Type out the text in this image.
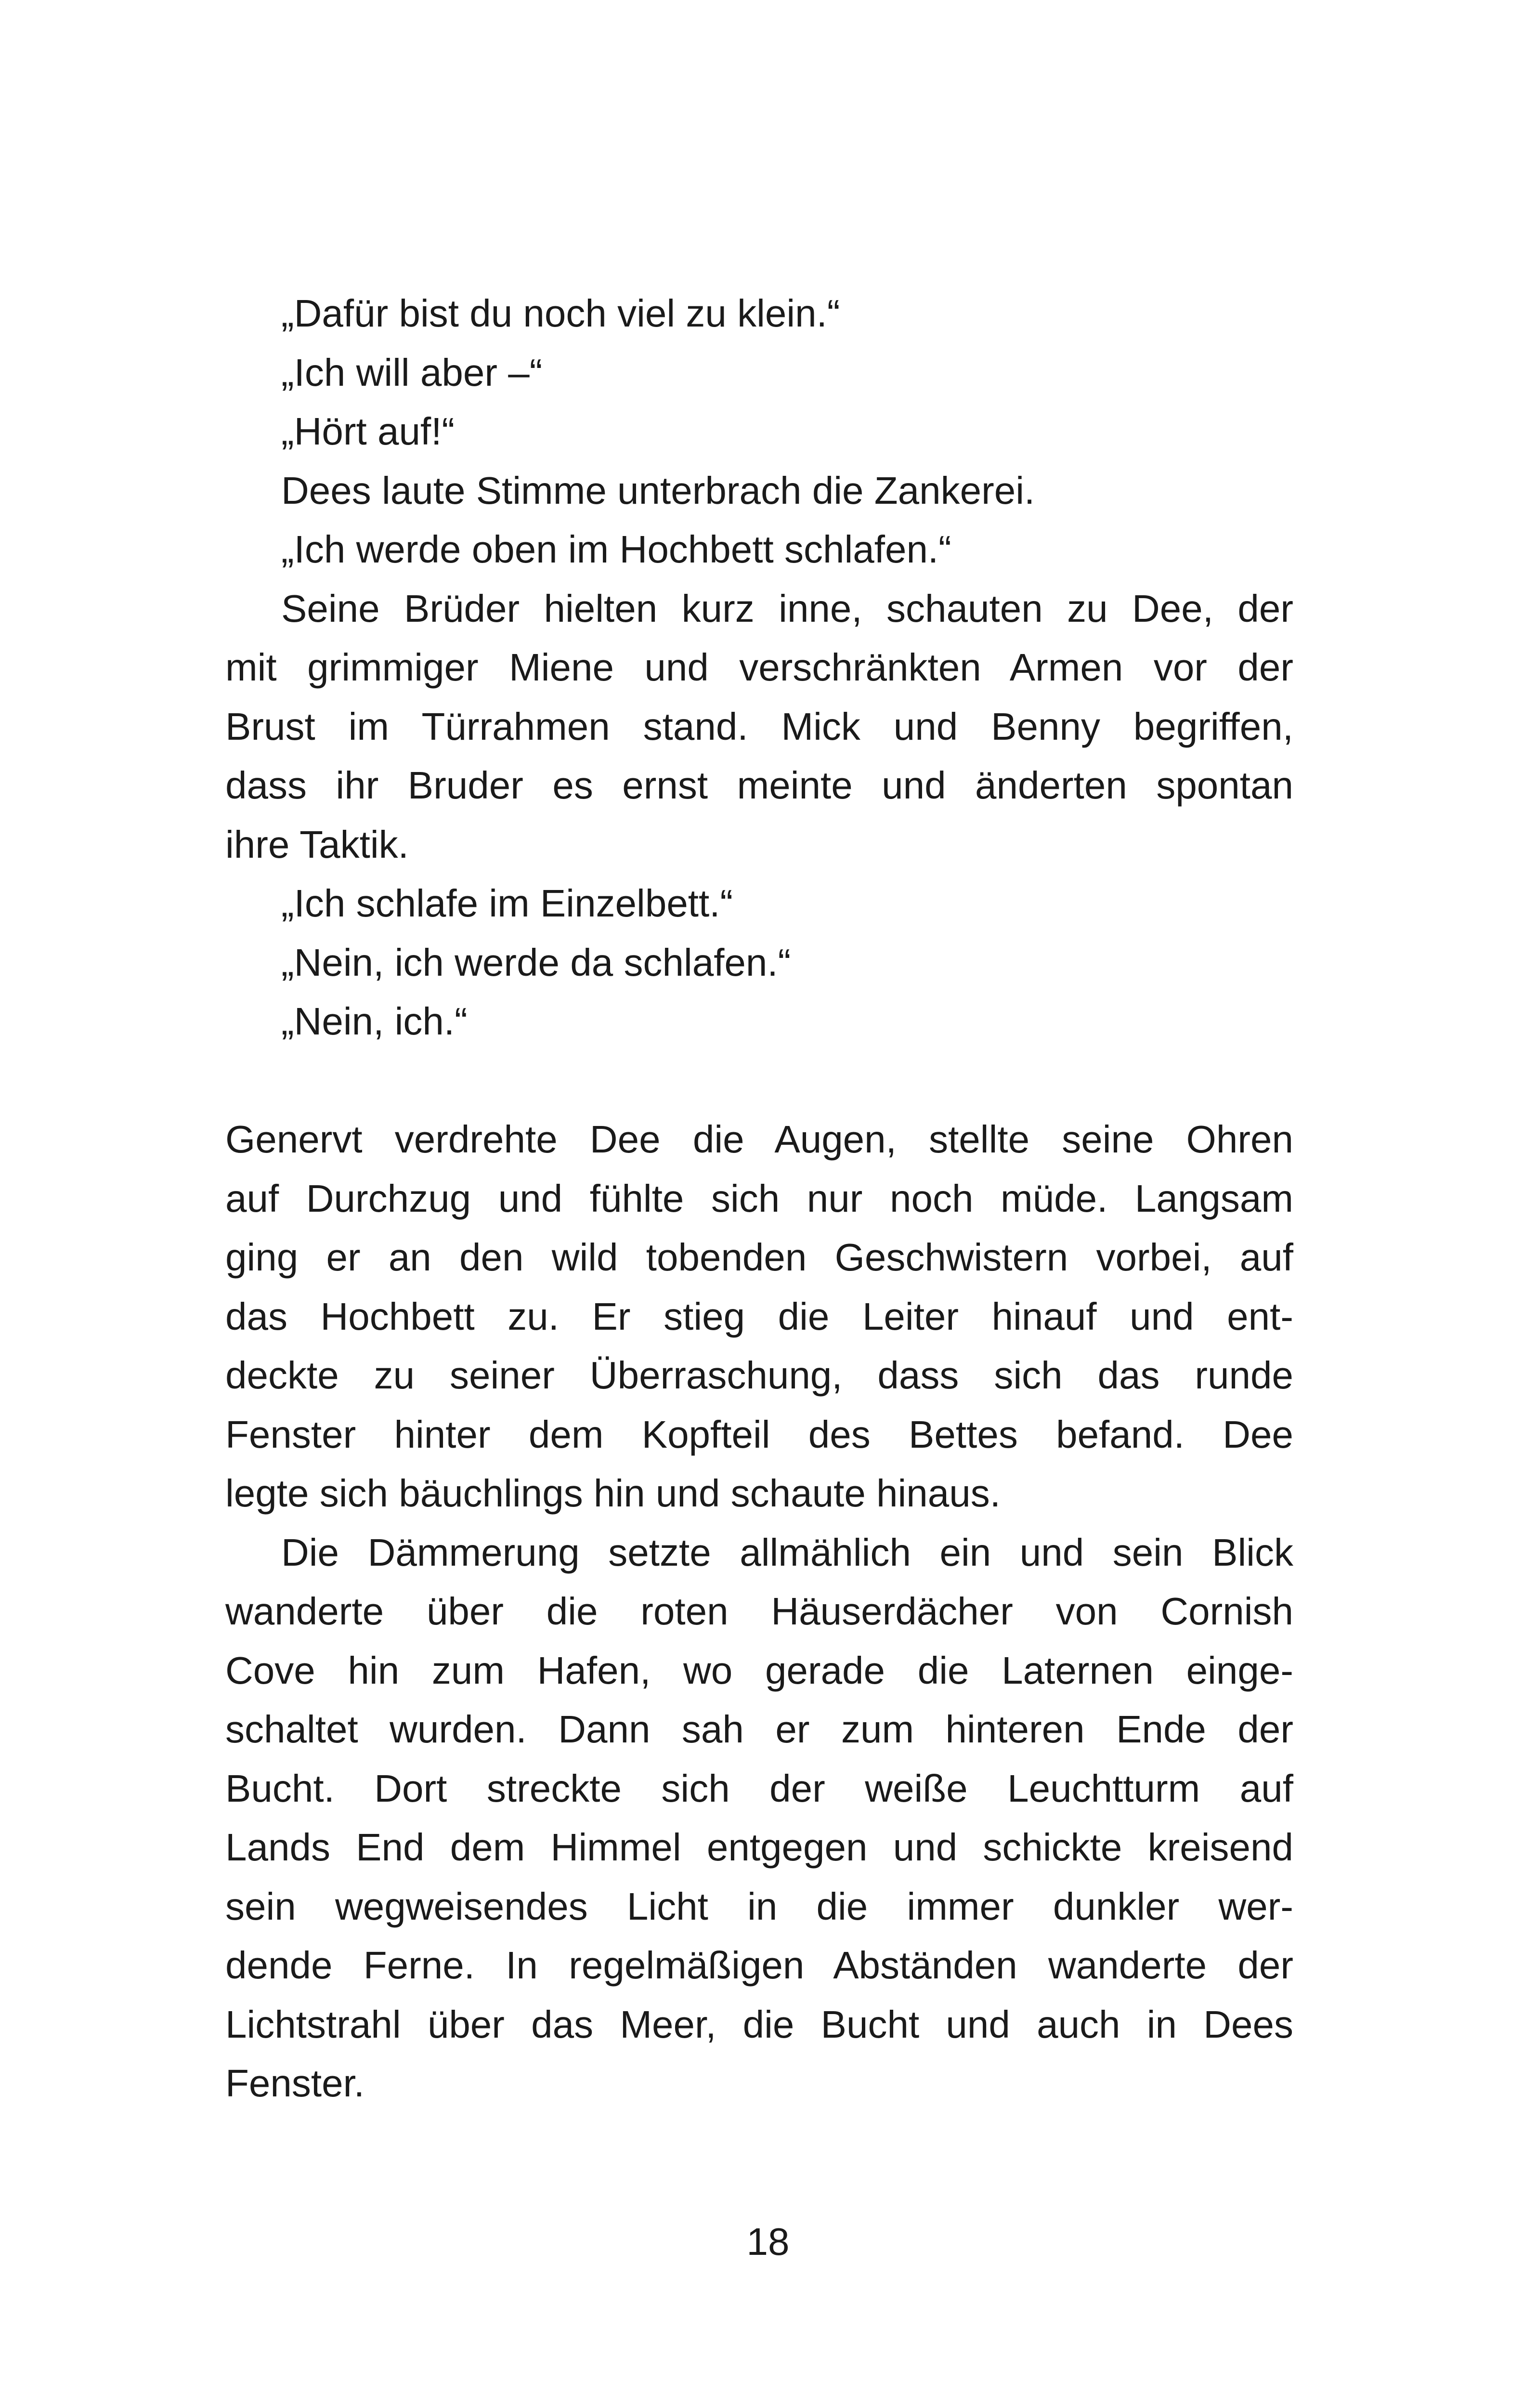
„Dafür bist du noch viel zu klein.“
„Ich will aber –“
„Hört auf!“
Dees laute Stimme unterbrach die Zankerei.
„Ich werde oben im Hochbett schlafen.“
Seine Brüder hielten kurz inne, schauten zu Dee, der
mit grimmiger Miene und verschränkten Armen vor der
Brust im Türrahmen stand. Mick und Benny begriffen,
dass ihr Bruder es ernst meinte und änderten spontan
ihre Taktik.
„Ich schlafe im Einzelbett.“
„Nein, ich werde da schlafen.“
„Nein, ich.“
Genervt verdrehte Dee die Augen, stellte seine Ohren
auf Durchzug und fühlte sich nur noch müde. Langsam
ging er an den wild tobenden Geschwistern vorbei, auf
das Hochbett zu. Er stieg die Leiter hinauf und ent-
deckte zu seiner Überraschung, dass sich das runde
Fenster hinter dem Kopfteil des Bettes befand. Dee
legte sich bäuchlings hin und schaute hinaus.
Die Dämmerung setzte allmählich ein und sein Blick
wanderte über die roten Häuserdächer von Cornish
Cove hin zum Hafen, wo gerade die Laternen einge-
schaltet wurden. Dann sah er zum hinteren Ende der
Bucht. Dort streckte sich der weiße Leuchtturm auf
Lands End dem Himmel entgegen und schickte kreisend
sein wegweisendes Licht in die immer dunkler wer-
dende Ferne. In regelmäßigen Abständen wanderte der
Lichtstrahl über das Meer, die Bucht und auch in Dees
Fenster.
18
